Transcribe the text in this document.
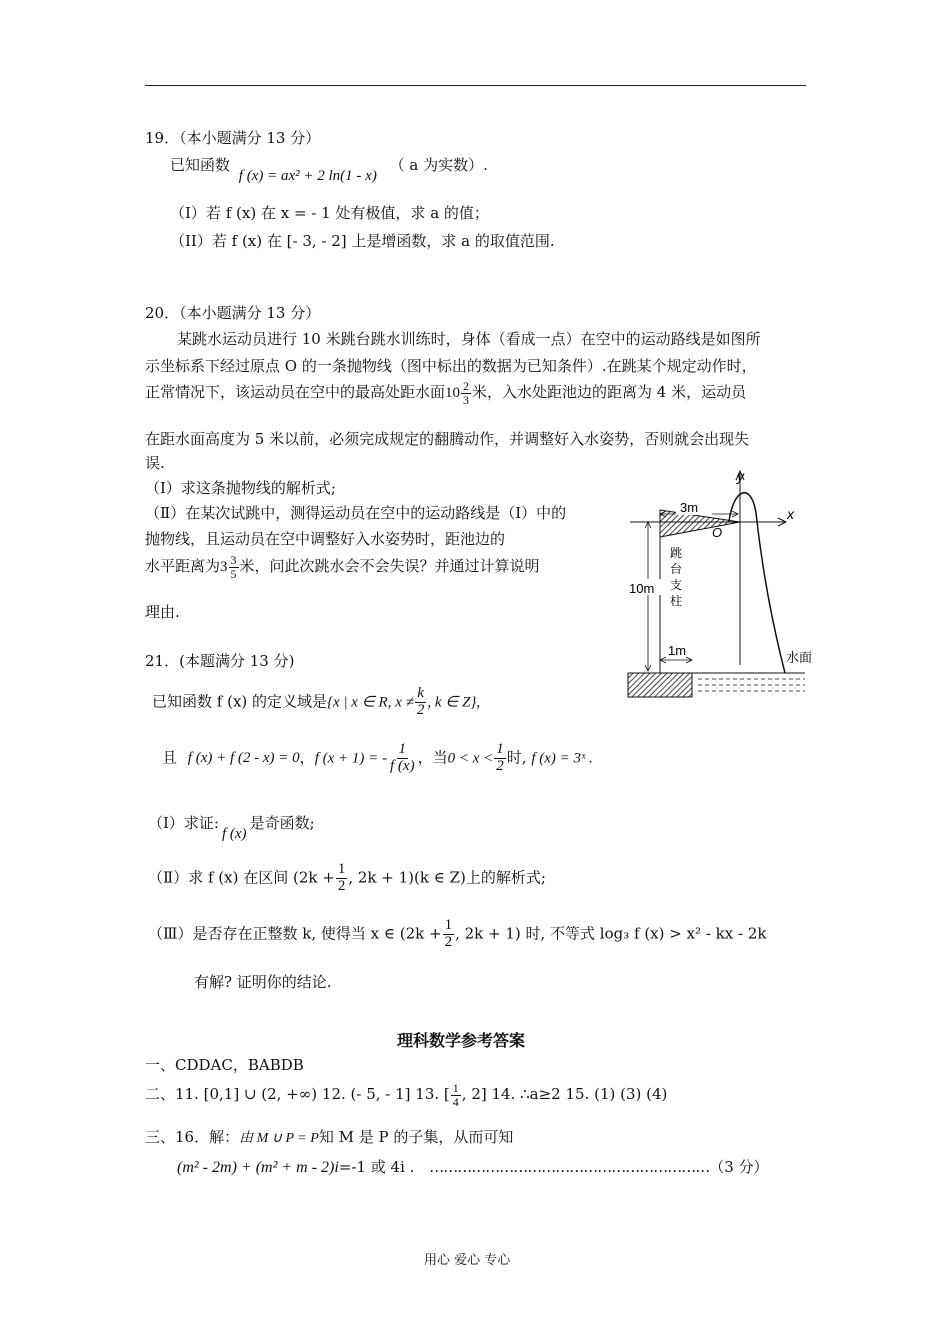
19．（本小题满分 13 分）
已知函数 f (x) = ax² + 2 ln(1 - x) （ a 为实数）.
（I）若 f (x) 在 x = - 1 处有极值，求 a 的值；
（II）若 f (x) 在 [- 3, - 2] 上是增函数，求 a 的取值范围.
20．（本小题满分 13 分）
某跳水运动员进行 10 米跳台跳水训练时，身体（看成一点）在空中的运动路线是如图所
示坐标系下经过原点 O 的一条抛物线（图中标出的数据为已知条件）.在跳某个规定动作时，
正常情况下，该运动员在空中的最高处距水面$10 \frac{2}{3}$ 米，入水处距池边的距离为 4 米，运动员
在距水面高度为 5 米以前，必须完成规定的翻腾动作，并调整好入水姿势，否则就会出现失
误.
（Ⅰ）求这条抛物线的解析式;
（Ⅱ）在某次试跳中，测得运动员在空中的运动路线是（Ⅰ）中的
抛物线，且运动员在空中调整好入水姿势时，距池边的
水平距离为$3 \frac{3}{5}$ 米，问此次跳水会不会失误？并通过计算说明
理由.
x
y
O
3m
10m
跳
台
支
柱
1m	水面
21．(本题满分 13 分)
已知函数 f (x) 的定义域是{x | x ∈ R, $x \ne \frac{k}{2}$ , k ∈ Z},
且 f (x) + f (2 - x) = 0，f (x + 1) = - $\frac{1}{f (x)}$ ，当$0 < x < \frac{1}{2}$ 时, f (x) = 3ˣ .
（Ⅰ）求证:f (x)是奇函数;
（Ⅱ）求 f (x) 在区间 ($2k + \frac{1}{2}$ , 2k + 1)(k ∈ Z)上的解析式;
（Ⅲ）是否存在正整数 k, 使得当 x ∈ ($2k + \frac{1}{2}$ , 2k + 1) 时, 不等式 log₃ f (x) > x² - kx - 2k
有解? 证明你的结论.
理科数学参考答案
一、CDDAC，BABDB
二、11. [0,1] ∪ (2, +∞) 12. (- 5, - 1] 13. [ $\frac{1}{4}$ , 2] 14. ∴a≥2 15. (1) (3) (4)
三、16．解：由 M ∪ P = P知 M 是 P 的子集，从而可知
(m² - 2m) + (m² + m - 2)i=-1 或 4i . ……………………………………………………（3 分）
用心 爱心 专心
